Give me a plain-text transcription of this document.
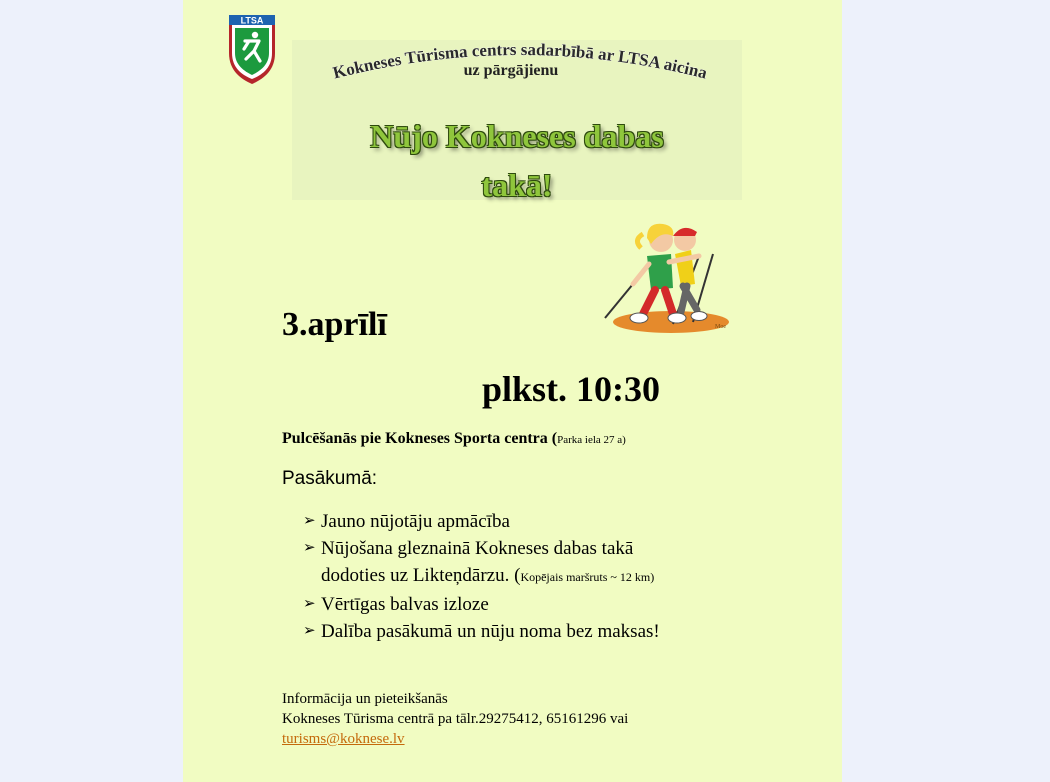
LTSA
Kokneses Tūrisma centrs sadarbībā ar LTSA aicina
uz pārgājienu
Nūjo Kokneses dabas
takā!
Moe
3.aprīlī
plkst. 10:30
Pulcēšanās pie Kokneses Sporta centra (Parka iela 27 a)
Pasākumā:
➢ Jauno nūjotāju apmācība
➢ Nūjošana gleznainā Kokneses dabas takā
dodoties uz Likteņdārzu. (Kopējais maršruts ~ 12 km)
➢ Vērtīgas balvas izloze
➢ Dalība pasākumā un nūju noma bez maksas!
Informācija un pieteikšanās
Kokneses Tūrisma centrā pa tālr.29275412, 65161296 vai
turisms@koknese.lv
